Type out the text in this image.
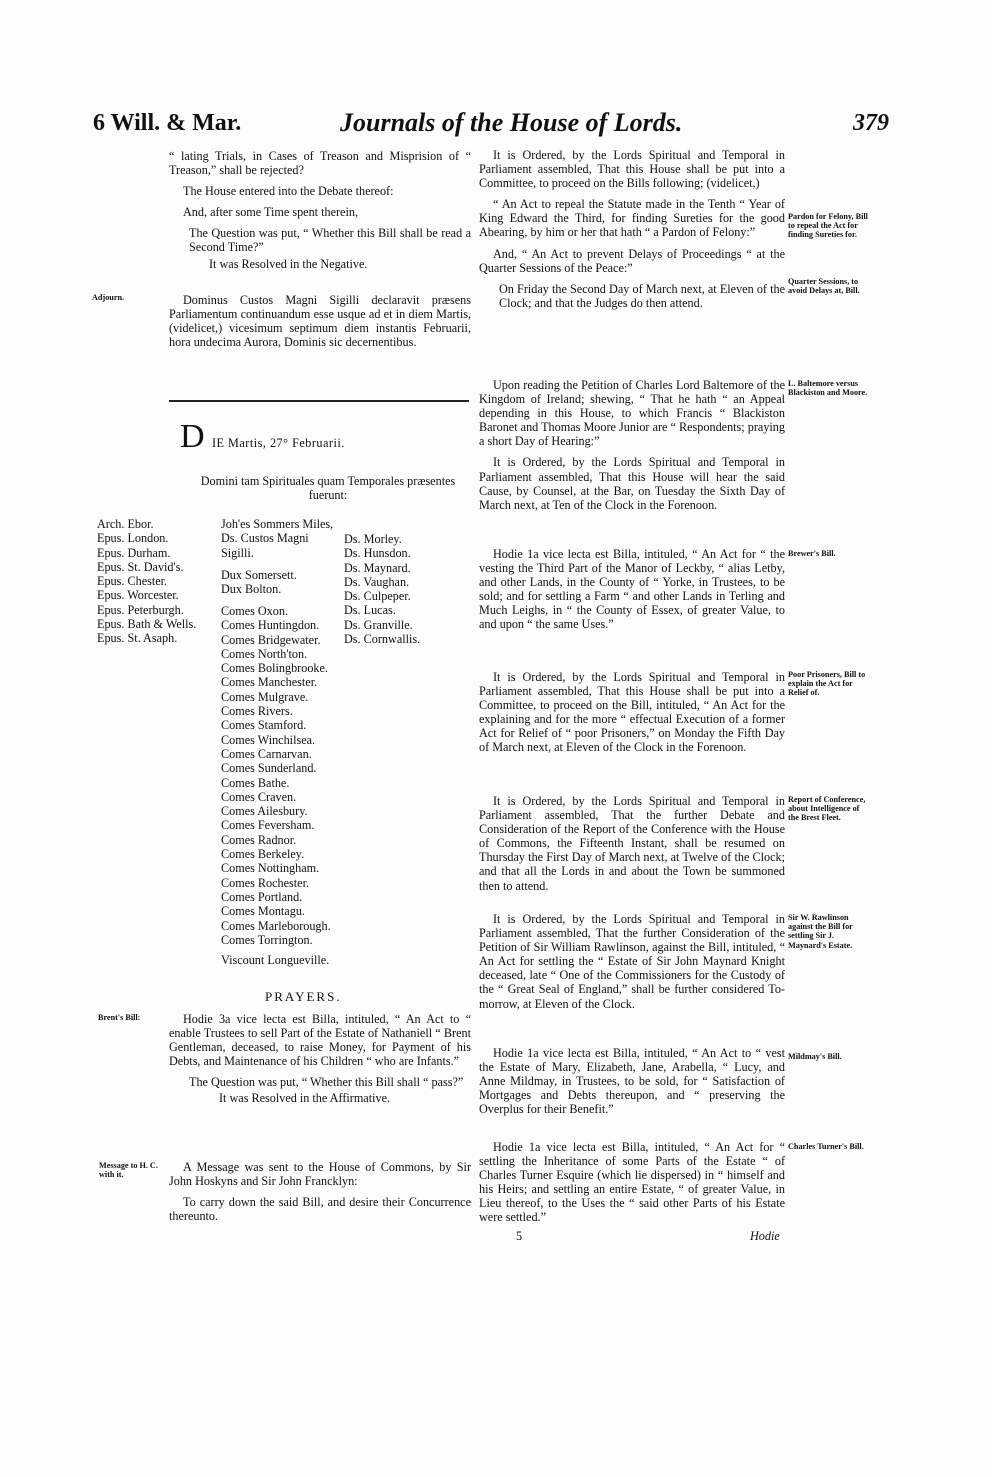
6 Will. & Mar.	Journals of the House of Lords.	379

“ lating Trials, in Cases of Treason and Misprision of “ Treason,” shall be rejected?

The House entered into the Debate thereof:

And, after some Time spent therein,

The Question was put, “ Whether this Bill shall be read a Second Time?”

It was Resolved in the Negative.

Adjourn.	Dominus Custos Magni Sigilli declaravit præsens Parliamentum continuandum esse usque ad et in diem Martis, (videlicet,) vicesimum septimum diem instantis Februarii, hora undecima Aurora, Dominis sic decernentibus.

D IE Martis, 27° Februarii.
Domini tam Spirituales quam Temporales præsentes fuerunt:
Arch. Ebor.
Epus. London.
Epus. Durham.
Epus. St. David's.
Epus. Chester.
Epus. Worcester.
Epus. Peterburgh.
Epus. Bath & Wells.
Epus. St. Asaph.
Joh'es Sommers Miles, Ds. Custos Magni Sigilli.
Dux Somersett.
Dux Bolton.
Comes Oxon.
Comes Huntingdon.
Comes Bridgewater.
Comes North'ton.
Comes Bolingbrooke.
Comes Manchester.
Comes Mulgrave.
Comes Rivers.
Comes Stamford.
Comes Winchilsea.
Comes Carnarvan.
Comes Sunderland.
Comes Bathe.
Comes Craven.
Comes Ailesbury.
Comes Feversham.
Comes Radnor.
Comes Berkeley.
Comes Nottingham.
Comes Rochester.
Comes Portland.
Comes Montagu.
Comes Marleborough.
Comes Torrington.
Viscount Longueville.
Ds. Morley.
Ds. Hunsdon.
Ds. Maynard.
Ds. Vaughan.
Ds. Culpeper.
Ds. Lucas.
Ds. Granville.
Ds. Cornwallis.
PRAYERS.
Brent's Bill:	Hodie 3a vice lecta est Billa, intituled, “ An Act to “ enable Trustees to sell Part of the Estate of Nathaniell “ Brent Gentleman, deceased, to raise Money, for Payment of his Debts, and Maintenance of his Children “ who are Infants.”

The Question was put, “ Whether this Bill shall “ pass?”

It was Resolved in the Affirmative.

Message to H. C. with it.

A Message was sent to the House of Commons, by Sir John Hoskyns and Sir John Francklyn:

To carry down the said Bill, and desire their Concurrence thereunto.

It is Ordered, by the Lords Spiritual and Temporal in Parliament assembled, That this House shall be put into a Committee, to proceed on the Bills following; (videlicet,)

“ An Act to repeal the Statute made in the Tenth “ Year of King Edward the Third, for finding Sureties for the good Abearing, by him or her that hath “ a Pardon of Felony:”

And, “ An Act to prevent Delays of Proceedings “ at the Quarter Sessions of the Peace:”

On Friday the Second Day of March next, at Eleven of the Clock; and that the Judges do then attend.

Pardon for Felony, Bill to repeal the Act for finding Sureties for.
Quarter Sessions, to avoid Delays at, Bill.

Upon reading the Petition of Charles Lord Baltemore of the Kingdom of Ireland; shewing, “ That he hath “ an Appeal depending in this House, to which Francis “ Blackiston Baronet and Thomas Moore Junior are “ Respondents; praying a short Day of Hearing:”

It is Ordered, by the Lords Spiritual and Temporal in Parliament assembled, That this House will hear the said Cause, by Counsel, at the Bar, on Tuesday the Sixth Day of March next, at Ten of the Clock in the Forenoon.

L. Baltemore versus Blackiston and Moore.

Hodie 1a vice lecta est Billa, intituled, “ An Act for “ the vesting the Third Part of the Manor of Leckby, “ alias Letby, and other Lands, in the County of “ Yorke, in Trustees, to be sold; and for settling a Farm “ and other Lands in Terling and Much Leighs, in “ the County of Essex, of greater Value, to and upon “ the same Uses.”

Brewer's Bill.

It is Ordered, by the Lords Spiritual and Temporal in Parliament assembled, That this House shall be put into a Committee, to proceed on the Bill, intituled, “ An Act for the explaining and for the more “ effectual Execution of a former Act for Relief of “ poor Prisoners,” on Monday the Fifth Day of March next, at Eleven of the Clock in the Forenoon.

Poor Prisoners, Bill to explain the Act for Relief of.

It is Ordered, by the Lords Spiritual and Temporal in Parliament assembled, That the further Debate and Consideration of the Report of the Conference with the House of Commons, the Fifteenth Instant, shall be resumed on Thursday the First Day of March next, at Twelve of the Clock; and that all the Lords in and about the Town be summoned then to attend.

Report of Conference, about Intelligence of the Brest Fleet.

It is Ordered, by the Lords Spiritual and Temporal in Parliament assembled, That the further Consideration of the Petition of Sir William Rawlinson, against the Bill, intituled, “ An Act for settling the “ Estate of Sir John Maynard Knight deceased, late “ One of the Commissioners for the Custody of the “ Great Seal of England,” shall be further considered To-morrow, at Eleven of the Clock.

Sir W. Rawlinson against the Bill for settling Sir J. Maynard's Estate.

Hodie 1a vice lecta est Billa, intituled, “ An Act to “ vest the Estate of Mary, Elizabeth, Jane, Arabella, “ Lucy, and Anne Mildmay, in Trustees, to be sold, for “ Satisfaction of Mortgages and Debts thereupon, and “ preserving the Overplus for their Benefit.”

Mildmay's Bill.

Hodie 1a vice lecta est Billa, intituled, “ An Act for “ settling the Inheritance of some Parts of the Estate “ of Charles Turner Esquire (which lie dispersed) in “ himself and his Heirs; and settling an entire Estate, “ of greater Value, in Lieu thereof, to the Uses the “ said other Parts of his Estate were settled.”

Charles Turner's Bill.
5	Hodie
